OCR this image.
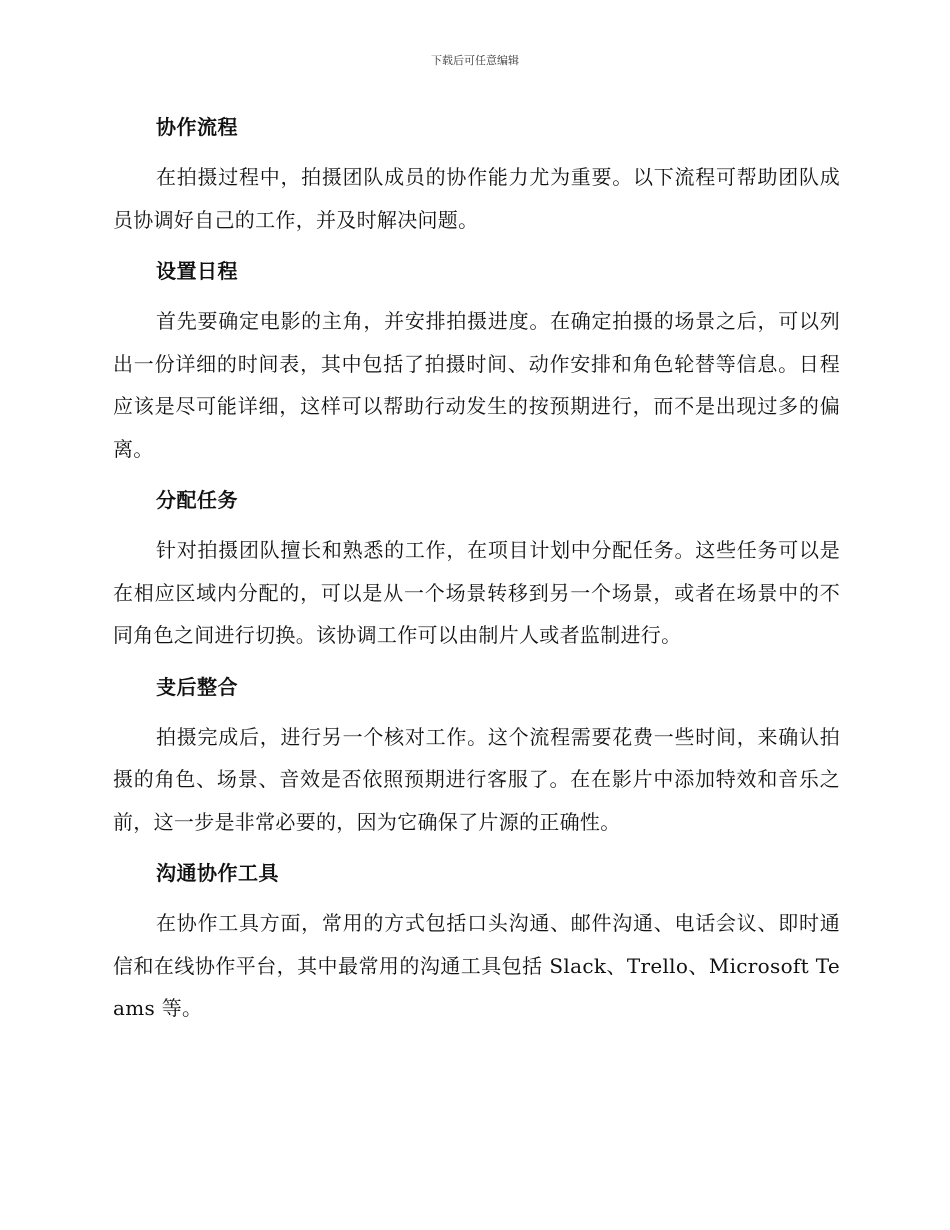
下载后可任意编辑
协作流程

在拍摄过程中，拍摄团队成员的协作能力尤为重要。以下流程可帮助团队成员协调好自己的工作，并及时解决问题。

设置日程

首先要确定电影的主角，并安排拍摄进度。在确定拍摄的场景之后，可以列出一份详细的时间表，其中包括了拍摄时间、动作安排和角色轮替等信息。日程应该是尽可能详细，这样可以帮助行动发生的按预期进行，而不是出现过多的偏离。

分配任务

针对拍摄团队擅长和熟悉的工作，在项目计划中分配任务。这些任务可以是在相应区域内分配的，可以是从一个场景转移到另一个场景，或者在场景中的不同角色之间进行切换。该协调工作可以由制片人或者监制进行。

叏后整合

拍摄完成后，进行另一个核对工作。这个流程需要花费一些时间，来确认拍摄的角色、场景、音效是否依照预期进行客服了。在在影片中添加特效和音乐之前，这一步是非常必要的，因为它确保了片源的正确性。

沟通协作工具

在协作工具方面，常用的方式包括口头沟通、邮件沟通、电话会议、即时通信和在线协作平台，其中最常用的沟通工具包括 Slack、Trello、Microsoft Teams 等。
